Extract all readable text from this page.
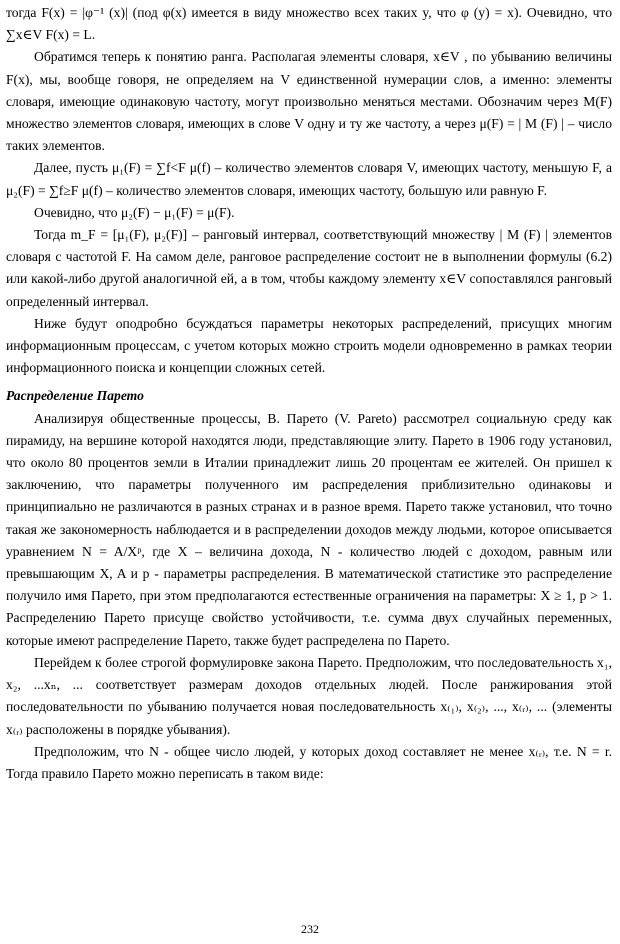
тогда F(x) = |φ⁻¹ (x)| (под φ(x) имеется в виду множество всех таких y, что φ (y) = x). Очевидно, что ∑x∈V F(x) = L.

Обратимся теперь к понятию ранга. Располагая элементы словаря, x∈V , по убыванию величины F(x), мы, вообще говоря, не определяем на V единственной нумерации слов, а именно: элементы словаря, имеющие одинаковую частоту, могут произвольно меняться местами. Обозначим через M(F) множество элементов словаря, имеющих в слове V одну и ту же частоту, а через μ(F) = | M (F) | – число таких элементов.

Далее, пусть μ₁(F) = ∑f<F μ(f) – количество элементов словаря V, имеющих частоту, меньшую F, а μ₂(F) = ∑f≥F μ(f) – количество элементов словаря, имеющих частоту, большую или равную F.

Очевидно, что μ₂(F) − μ₁(F) = μ(F).

Тогда m_F = [μ₁(F), μ₂(F)] – ранговый интервал, соответствующий множеству | M (F) | элементов словаря с частотой F. На самом деле, ранговое распределение состоит не в выполнении формулы (6.2) или какой-либо другой аналогичной ей, а в том, чтобы каждому элементу x∈V сопоставлялся ранговый определенный интервал.

Ниже будут оподробно бсуждаться параметры некоторых распределений, присущих многим информационным процессам, с учетом которых можно строить модели одновременно в рамках теории информационного поиска и концепции сложных сетей.

Распределение Парето

Анализируя общественные процессы, В. Парето (V. Pareto) рассмотрел социальную среду как пирамиду, на вершине которой находятся люди, представляющие элиту. Парето в 1906 году установил, что около 80 процентов земли в Италии принадлежит лишь 20 процентам ее жителей. Он пришел к заключению, что параметры полученного им распределения приблизительно одинаковы и принципиально не различаются в разных странах и в разное время. Парето также установил, что точно такая же закономерность наблюдается и в распределении доходов между людьми, которое описывается уравнением N = A/Xᵖ, где X – величина дохода, N - количество людей с доходом, равным или превышающим X, A и p - параметры распределения. В математической статистике это распределение получило имя Парето, при этом предполагаются естественные ограничения на параметры: X ≥ 1, p > 1. Распределению Парето присуще свойство устойчивости, т.е. сумма двух случайных переменных, которые имеют распределение Парето, также будет распределена по Парето.

Перейдем к более строгой формулировке закона Парето. Предположим, что последовательность x₁, x₂, ...xₙ, ... соответствует размерам доходов отдельных людей. После ранжирования этой последовательности по убыванию получается новая последовательность x₍₁₎, x₍₂₎, ..., x₍ᵣ₎, ... (элементы x₍ᵣ₎ расположены в порядке убывания).

Предположим, что N - общее число людей, у которых доход составляет не менее x₍ᵣ₎, т.е. N = r. Тогда правило Парето можно переписать в таком виде:

232
